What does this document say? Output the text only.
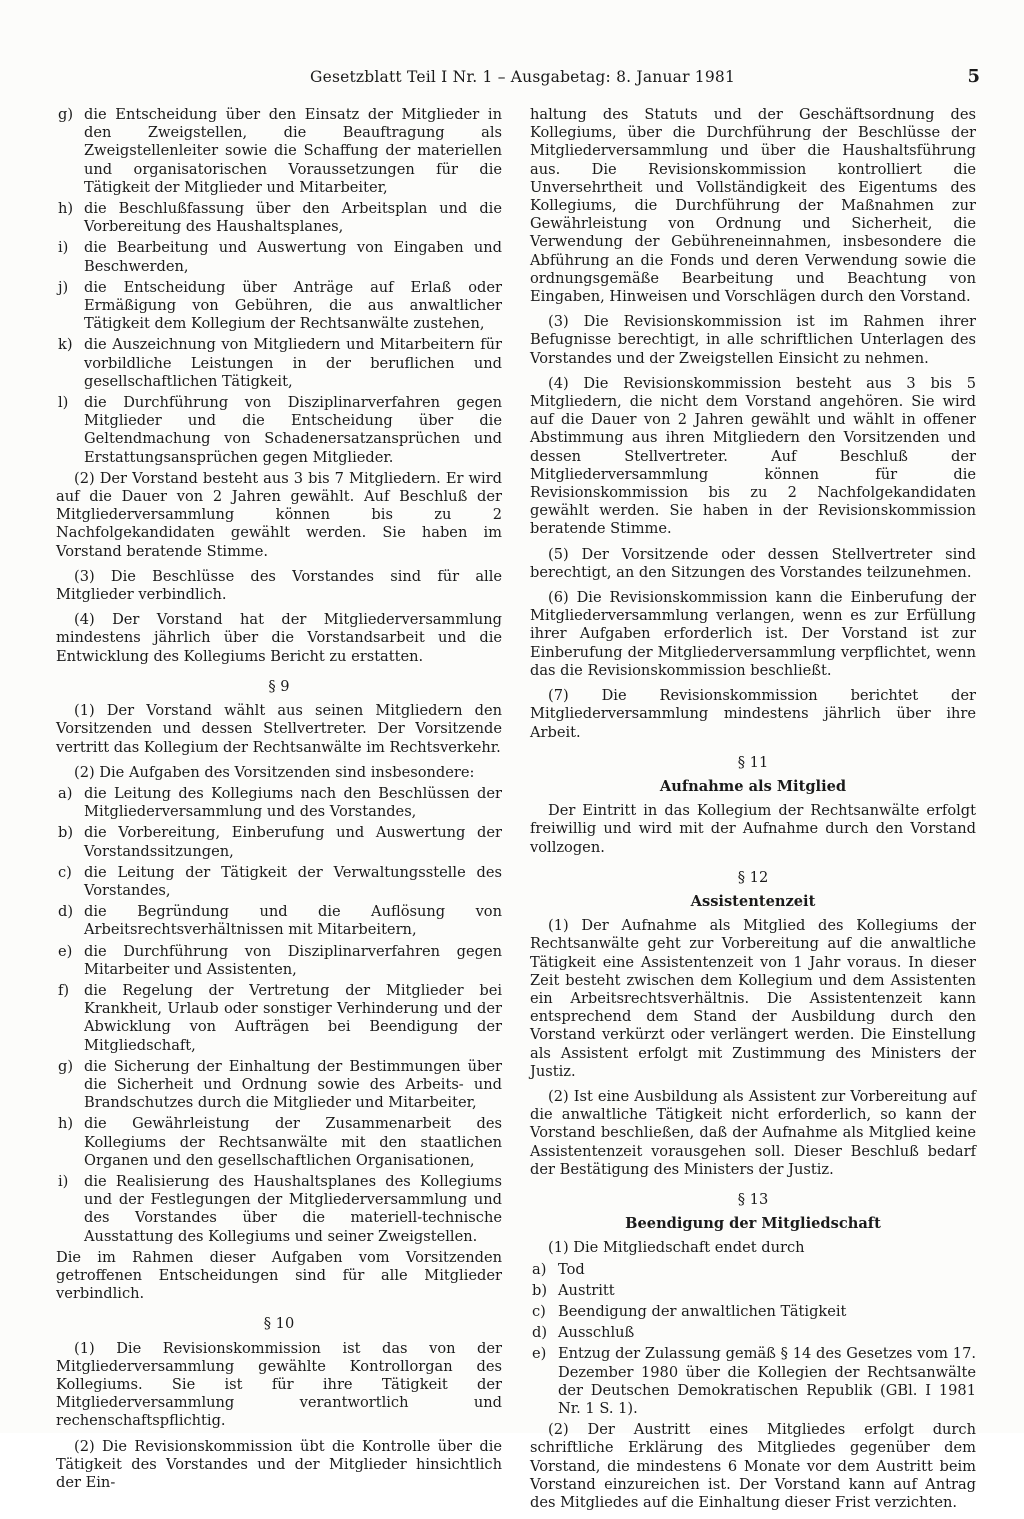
Gesetzblatt Teil I Nr. 1 – Ausgabetag: 8. Januar 1981	5
g) die Entscheidung über den Einsatz der Mitglieder in den Zweigstellen, die Beauftragung als Zweigstellenleiter sowie die Schaffung der materiellen und organisatorischen Voraussetzungen für die Tätigkeit der Mitglieder und Mitarbeiter,
h) die Beschlußfassung über den Arbeitsplan und die Vorbereitung des Haushaltsplanes,
i)	die Bearbeitung und Auswertung von Eingaben und Beschwerden,
j)	die Entscheidung über Anträge auf Erlaß oder Ermäßigung von Gebühren, die aus anwaltlicher Tätigkeit dem Kollegium der Rechtsanwälte zustehen,
k) die Auszeichnung von Mitgliedern und Mitarbeitern für vorbildliche Leistungen in der beruflichen und gesellschaftlichen Tätigkeit,
l)	die Durchführung von Disziplinarverfahren gegen Mitglieder und die Entscheidung über die Geltendmachung von Schadenersatzansprüchen und Erstattungsansprüchen gegen Mitglieder.

(2) Der Vorstand besteht aus 3 bis 7 Mitgliedern. Er wird auf die Dauer von 2 Jahren gewählt. Auf Beschluß der Mitgliederversammlung können bis zu 2 Nachfolgekandidaten gewählt werden. Sie haben im Vorstand beratende Stimme.

(3) Die Beschlüsse des Vorstandes sind für alle Mitglieder verbindlich.

(4) Der Vorstand hat der Mitgliederversammlung mindestens jährlich über die Vorstandsarbeit und die Entwicklung des Kollegiums Bericht zu erstatten.

§ 9

(1) Der Vorstand wählt aus seinen Mitgliedern den Vorsitzenden und dessen Stellvertreter. Der Vorsitzende vertritt das Kollegium der Rechtsanwälte im Rechtsverkehr.

(2) Die Aufgaben des Vorsitzenden sind insbesondere:

a) die Leitung des Kollegiums nach den Beschlüssen der Mitgliederversammlung und des Vorstandes,
b) die Vorbereitung, Einberufung und Auswertung der Vorstandssitzungen,
c) die Leitung der Tätigkeit der Verwaltungsstelle des Vorstandes,
d) die Begründung und die Auflösung von Arbeitsrechtsverhältnissen mit Mitarbeitern,
e) die Durchführung von Disziplinarverfahren gegen Mitarbeiter und Assistenten,
f)	die Regelung der Vertretung der Mitglieder bei Krankheit, Urlaub oder sonstiger Verhinderung und der Abwicklung von Aufträgen bei Beendigung der Mitgliedschaft,
g) die Sicherung der Einhaltung der Bestimmungen über die Sicherheit und Ordnung sowie des Arbeits- und Brandschutzes durch die Mitglieder und Mitarbeiter,
h) die Gewährleistung der Zusammenarbeit des Kollegiums der Rechtsanwälte mit den staatlichen Organen und den gesellschaftlichen Organisationen,
i)	die Realisierung des Haushaltsplanes des Kollegiums und der Festlegungen der Mitgliederversammlung und des Vorstandes über die materiell-technische Ausstattung des Kollegiums und seiner Zweigstellen.

Die im Rahmen dieser Aufgaben vom Vorsitzenden getroffenen Entscheidungen sind für alle Mitglieder verbindlich.

§ 10

(1) Die Revisionskommission ist das von der Mitgliederversammlung gewählte Kontrollorgan des Kollegiums. Sie ist für ihre Tätigkeit der Mitgliederversammlung verantwortlich und rechenschaftspflichtig.

(2) Die Revisionskommission übt die Kontrolle über die Tätigkeit des Vorstandes und der Mitglieder hinsichtlich der Ein-

haltung des Statuts und der Geschäftsordnung des Kollegiums, über die Durchführung der Beschlüsse der Mitgliederversammlung und über die Haushaltsführung aus. Die Revisionskommission kontrolliert die Unversehrtheit und Vollständigkeit des Eigentums des Kollegiums, die Durchführung der Maßnahmen zur Gewährleistung von Ordnung und Sicherheit, die Verwendung der Gebühreneinnahmen, insbesondere die Abführung an die Fonds und deren Verwendung sowie die ordnungsgemäße Bearbeitung und Beachtung von Eingaben, Hinweisen und Vorschlägen durch den Vorstand.

(3) Die Revisionskommission ist im Rahmen ihrer Befugnisse berechtigt, in alle schriftlichen Unterlagen des Vorstandes und der Zweigstellen Einsicht zu nehmen.

(4) Die Revisionskommission besteht aus 3 bis 5 Mitgliedern, die nicht dem Vorstand angehören. Sie wird auf die Dauer von 2 Jahren gewählt und wählt in offener Abstimmung aus ihren Mitgliedern den Vorsitzenden und dessen Stellvertreter. Auf Beschluß der Mitgliederversammlung können für die Revisionskommission bis zu 2 Nachfolgekandidaten gewählt werden. Sie haben in der Revisionskommission beratende Stimme.

(5) Der Vorsitzende oder dessen Stellvertreter sind berechtigt, an den Sitzungen des Vorstandes teilzunehmen.

(6) Die Revisionskommission kann die Einberufung der Mitgliederversammlung verlangen, wenn es zur Erfüllung ihrer Aufgaben erforderlich ist. Der Vorstand ist zur Einberufung der Mitgliederversammlung verpflichtet, wenn das die Revisionskommission beschließt.

(7) Die Revisionskommission berichtet der Mitgliederversammlung mindestens jährlich über ihre Arbeit.

§ 11
Aufnahme als Mitglied

Der Eintritt in das Kollegium der Rechtsanwälte erfolgt freiwillig und wird mit der Aufnahme durch den Vorstand vollzogen.

§ 12
Assistentenzeit

(1) Der Aufnahme als Mitglied des Kollegiums der Rechtsanwälte geht zur Vorbereitung auf die anwaltliche Tätigkeit eine Assistentenzeit von 1 Jahr voraus. In dieser Zeit besteht zwischen dem Kollegium und dem Assistenten ein Arbeitsrechtsverhältnis. Die Assistentenzeit kann entsprechend dem Stand der Ausbildung durch den Vorstand verkürzt oder verlängert werden. Die Einstellung als Assistent erfolgt mit Zustimmung des Ministers der Justiz.

(2) Ist eine Ausbildung als Assistent zur Vorbereitung auf die anwaltliche Tätigkeit nicht erforderlich, so kann der Vorstand beschließen, daß der Aufnahme als Mitglied keine Assistentenzeit vorausgehen soll. Dieser Beschluß bedarf der Bestätigung des Ministers der Justiz.

§ 13
Beendigung der Mitgliedschaft

(1) Die Mitgliedschaft endet durch

a) Tod
b) Austritt
c) Beendigung der anwaltlichen Tätigkeit
d) Ausschluß
e) Entzug der Zulassung gemäß § 14 des Gesetzes vom 17. Dezember 1980 über die Kollegien der Rechtsanwälte der Deutschen Demokratischen Republik (GBl. I 1981 Nr. 1 S. 1).

(2) Der Austritt eines Mitgliedes erfolgt durch schriftliche Erklärung des Mitgliedes gegenüber dem Vorstand, die mindestens 6 Monate vor dem Austritt beim Vorstand einzureichen ist. Der Vorstand kann auf Antrag des Mitgliedes auf die Einhaltung dieser Frist verzichten.
